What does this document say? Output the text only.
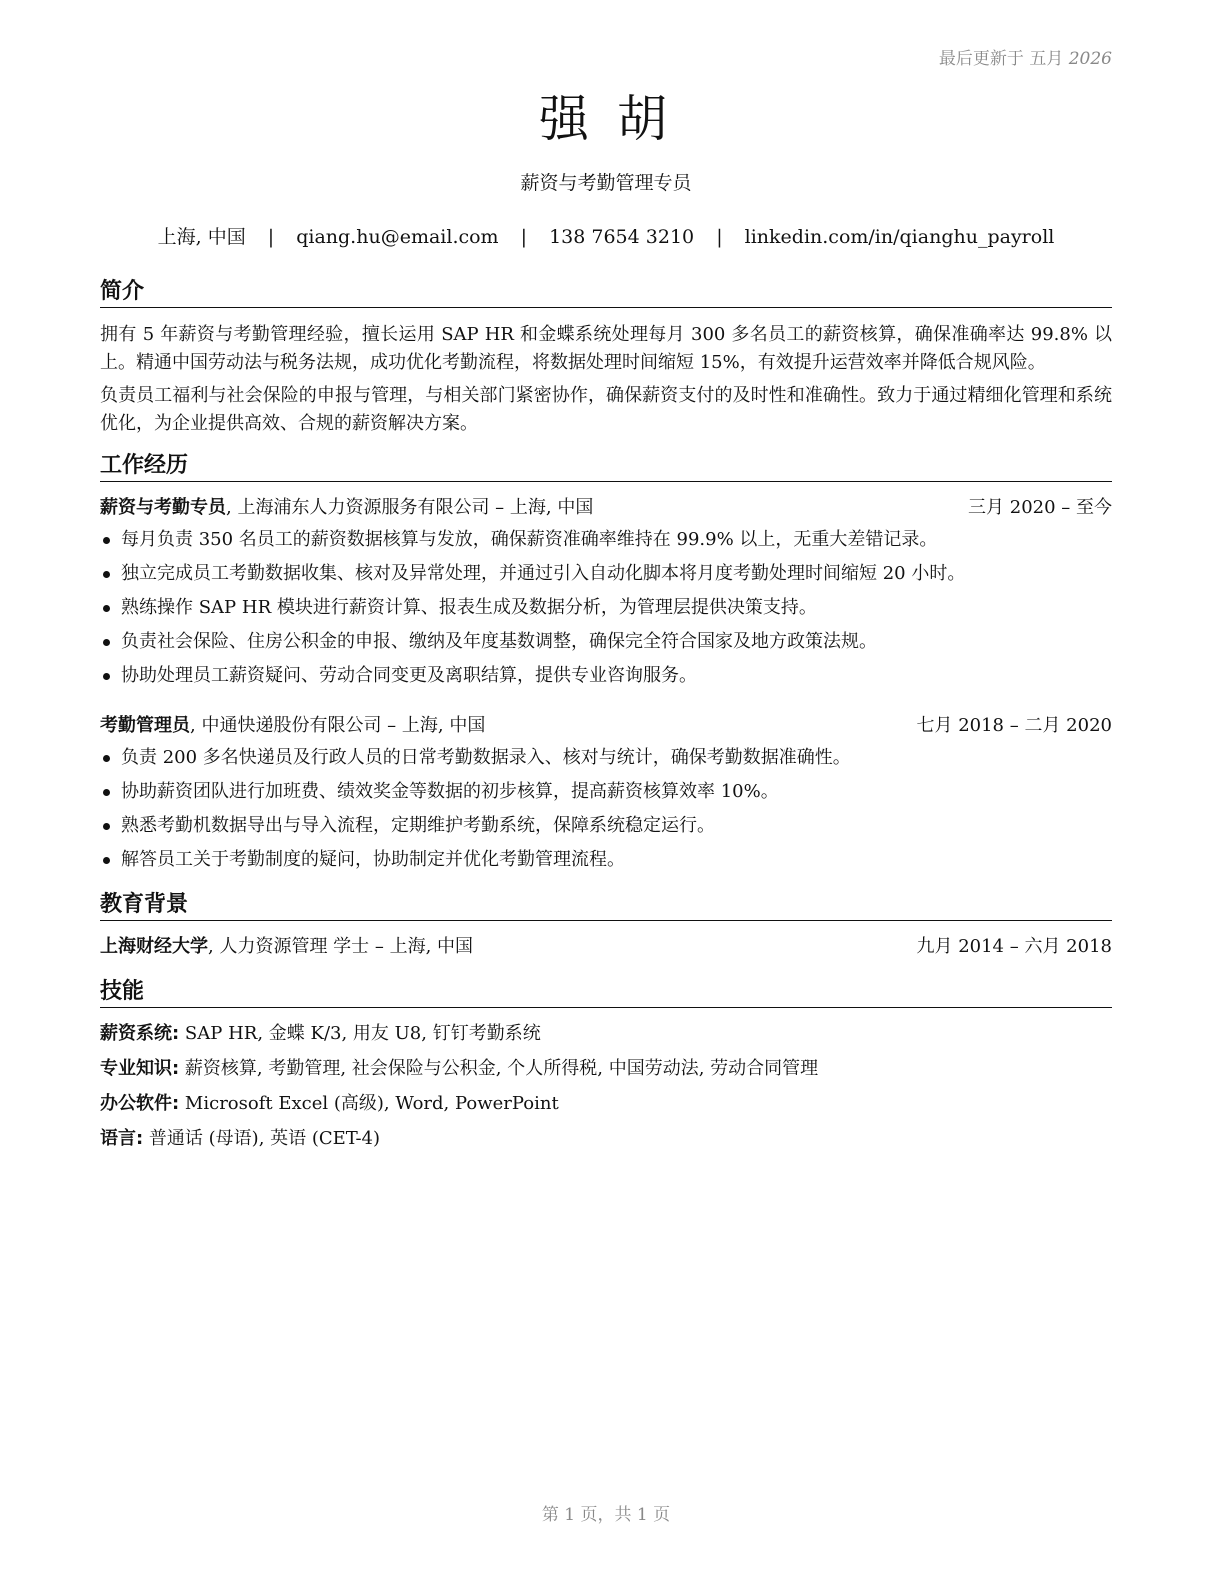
最后更新于 五月 2026
强 胡
薪资与考勤管理专员
上海, 中国 | qiang.hu@email.com | 138 7654 3210 | linkedin.com/in/qianghu_payroll
简介
拥有 5 年薪资与考勤管理经验，擅长运用 SAP HR 和金蝶系统处理每月 300 多名员工的薪资核算，确保准确率达 99.8% 以上。精通中国劳动法与税务法规，成功优化考勤流程，将数据处理时间缩短 15%，有效提升运营效率并降低合规风险。
负责员工福利与社会保险的申报与管理，与相关部门紧密协作，确保薪资支付的及时性和准确性。致力于通过精细化管理和系统优化，为企业提供高效、合规的薪资解决方案。
工作经历
薪资与考勤专员, 上海浦东人力资源服务有限公司 – 上海, 中国	三月 2020 – 至今
每月负责 350 名员工的薪资数据核算与发放，确保薪资准确率维持在 99.9% 以上，无重大差错记录。
独立完成员工考勤数据收集、核对及异常处理，并通过引入自动化脚本将月度考勤处理时间缩短 20 小时。
熟练操作 SAP HR 模块进行薪资计算、报表生成及数据分析，为管理层提供决策支持。
负责社会保险、住房公积金的申报、缴纳及年度基数调整，确保完全符合国家及地方政策法规。
协助处理员工薪资疑问、劳动合同变更及离职结算，提供专业咨询服务。
考勤管理员, 中通快递股份有限公司 – 上海, 中国	七月 2018 – 二月 2020
负责 200 多名快递员及行政人员的日常考勤数据录入、核对与统计，确保考勤数据准确性。
协助薪资团队进行加班费、绩效奖金等数据的初步核算，提高薪资核算效率 10%。
熟悉考勤机数据导出与导入流程，定期维护考勤系统，保障系统稳定运行。
解答员工关于考勤制度的疑问，协助制定并优化考勤管理流程。
教育背景
上海财经大学, 人力资源管理 学士 – 上海, 中国	九月 2014 – 六月 2018
技能
薪资系统: SAP HR, 金蝶 K/3, 用友 U8, 钉钉考勤系统
专业知识: 薪资核算, 考勤管理, 社会保险与公积金, 个人所得税, 中国劳动法, 劳动合同管理
办公软件: Microsoft Excel (高级), Word, PowerPoint
语言: 普通话 (母语), 英语 (CET-4)
第 1 页，共 1 页
